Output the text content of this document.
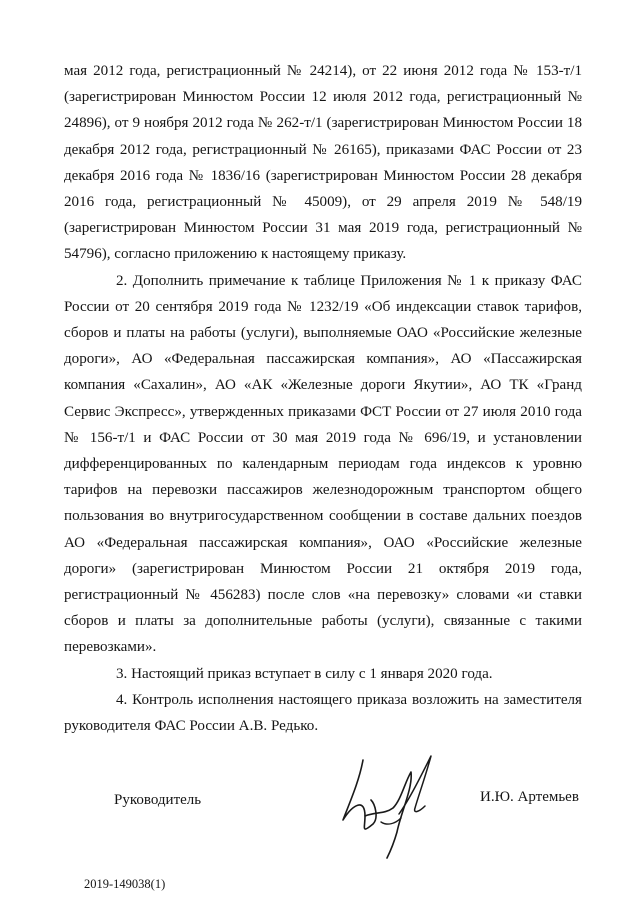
мая 2012 года, регистрационный № 24214), от 22 июня 2012 года № 153-т/1 (зарегистрирован Минюстом России 12 июля 2012 года, регистрационный № 24896), от 9 ноября 2012 года № 262-т/1 (зарегистрирован Минюстом России 18 декабря 2012 года, регистрационный № 26165), приказами ФАС России от 23 декабря 2016 года № 1836/16 (зарегистрирован Минюстом России 28 декабря 2016 года, регистрационный № 45009), от 29 апреля 2019 № 548/19 (зарегистрирован Минюстом России 31 мая 2019 года, регистрационный № 54796), согласно приложению к настоящему приказу.

2. Дополнить примечание к таблице Приложения № 1 к приказу ФАС России от 20 сентября 2019 года № 1232/19 «Об индексации ставок тарифов, сборов и платы на работы (услуги), выполняемые ОАО «Российские железные дороги», АО «Федеральная пассажирская компания», АО «Пассажирская компания «Сахалин», АО «АК «Железные дороги Якутии», АО ТК «Гранд Сервис Экспресс», утвержденных приказами ФСТ России от 27 июля 2010 года № 156-т/1 и ФАС России от 30 мая 2019 года № 696/19, и установлении дифференцированных по календарным периодам года индексов к уровню тарифов на перевозки пассажиров железнодорожным транспортом общего пользования во внутригосударственном сообщении в составе дальних поездов АО «Федеральная пассажирская компания», ОАО «Российские железные дороги» (зарегистрирован Минюстом России 21 октября 2019 года, регистрационный № 456283) после слов «на перевозку» словами «и ставки сборов и платы за дополнительные работы (услуги), связанные с такими перевозками».

3. Настоящий приказ вступает в силу с 1 января 2020 года.

4. Контроль исполнения настоящего приказа возложить на заместителя руководителя ФАС России А.В. Редько.

Руководитель	И.Ю. Артемьев
2019-149038(1)
